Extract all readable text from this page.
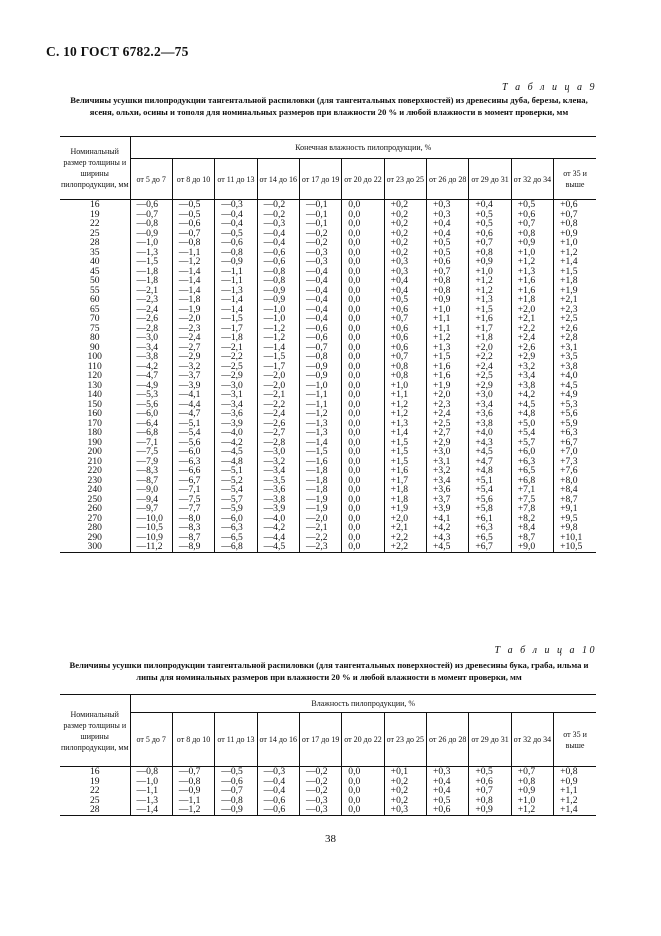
С. 10 ГОСТ 6782.2—75
Т а б л и ц а 9
Величины усушки пилопродукции тангентальной распиловки (для тангентальных поверхностей) из древесины дуба, березы, клена, ясеня, ольхи, осины и тополя для номинальных размеров при влажности 20 % и любой влажности в момент проверки, мм
Номинальный размер толщины и ширины пилопродукции, мм	Конечная влажность пилопродукции, %										
	от 5 до 7	от 8 до 10	от 11 до 13	от 14 до 16	от 17 до 19	от 20 до 22	от 23 до 25	от 26 до 28	от 29 до 31	от 32 до 34	от 35 и выше
16	—0,6	—0,5	—0,3	—0,2	—0,1	0,0	+0,2	+0,3	+0,4	+0,5	+0,6
19	—0,7	—0,5	—0,4	—0,2	—0,1	0,0	+0,2	+0,3	+0,5	+0,6	+0,7
22	—0,8	—0,6	—0,4	—0,3	—0,1	0,0	+0,2	+0,4	+0,5	+0,7	+0,8
25	—0,9	—0,7	—0,5	—0,4	—0,2	0,0	+0,2	+0,4	+0,6	+0,8	+0,9
28	—1,0	—0,8	—0,6	—0,4	—0,2	0,0	+0,2	+0,5	+0,7	+0,9	+1,0
35	—1,3	—1,1	—0,8	—0,6	—0,3	0,0	+0,2	+0,5	+0,8	+1,0	+1,2
40	—1,5	—1,2	—0,9	—0,6	—0,3	0,0	+0,3	+0,6	+0,9	+1,2	+1,4
45	—1,8	—1,4	—1,1	—0,8	—0,4	0,0	+0,3	+0,7	+1,0	+1,3	+1,5
50	—1,8	—1,4	—1,1	—0,8	—0,4	0,0	+0,4	+0,8	+1,2	+1,6	+1,8
55	—2,1	—1,4	—1,3	—0,9	—0,4	0,0	+0,4	+0,8	+1,2	+1,6	+1,9
60	—2,3	—1,8	—1,4	—0,9	—0,4	0,0	+0,5	+0,9	+1,3	+1,8	+2,1
65	—2,4	—1,9	—1,4	—1,0	—0,4	0,0	+0,6	+1,0	+1,5	+2,0	+2,3
70	—2,6	—2,0	—1,5	—1,0	—0,4	0,0	+0,7	+1,1	+1,6	+2,1	+2,5
75	—2,8	—2,3	—1,7	—1,2	—0,6	0,0	+0,6	+1,1	+1,7	+2,2	+2,6
80	—3,0	—2,4	—1,8	—1,2	—0,6	0,0	+0,6	+1,2	+1,8	+2,4	+2,8
90	—3,4	—2,7	—2,1	—1,4	—0,7	0,0	+0,6	+1,3	+2,0	+2,6	+3,1
100	—3,8	—2,9	—2,2	—1,5	—0,8	0,0	+0,7	+1,5	+2,2	+2,9	+3,5
110	—4,2	—3,2	—2,5	—1,7	—0,9	0,0	+0,8	+1,6	+2,4	+3,2	+3,8
120	—4,7	—3,7	—2,9	—2,0	—0,9	0,0	+0,8	+1,6	+2,5	+3,4	+4,0
130	—4,9	—3,9	—3,0	—2,0	—1,0	0,0	+1,0	+1,9	+2,9	+3,8	+4,5
140	—5,3	—4,1	—3,1	—2,1	—1,1	0,0	+1,1	+2,0	+3,0	+4,2	+4,9
150	—5,6	—4,4	—3,4	—2,2	—1,1	0,0	+1,2	+2,3	+3,4	+4,5	+5,3
160	—6,0	—4,7	—3,6	—2,4	—1,2	0,0	+1,2	+2,4	+3,6	+4,8	+5,6
170	—6,4	—5,1	—3,9	—2,6	—1,3	0,0	+1,3	+2,5	+3,8	+5,0	+5,9
180	—6,8	—5,4	—4,0	—2,7	—1,3	0,0	+1,4	+2,7	+4,0	+5,4	+6,3
190	—7,1	—5,6	—4,2	—2,8	—1,4	0,0	+1,5	+2,9	+4,3	+5,7	+6,7
200	—7,5	—6,0	—4,5	—3,0	—1,5	0,0	+1,5	+3,0	+4,5	+6,0	+7,0
210	—7,9	—6,3	—4,8	—3,2	—1,6	0,0	+1,5	+3,1	+4,7	+6,3	+7,3
220	—8,3	—6,6	—5,1	—3,4	—1,8	0,0	+1,6	+3,2	+4,8	+6,5	+7,6
230	—8,7	—6,7	—5,2	—3,5	—1,8	0,0	+1,7	+3,4	+5,1	+6,8	+8,0
240	—9,0	—7,1	—5,4	—3,6	—1,8	0,0	+1,8	+3,6	+5,4	+7,1	+8,4
250	—9,4	—7,5	—5,7	—3,8	—1,9	0,0	+1,8	+3,7	+5,6	+7,5	+8,7
260	—9,7	—7,7	—5,9	—3,9	—1,9	0,0	+1,9	+3,9	+5,8	+7,8	+9,1
270	—10,0	—8,0	—6,0	—4,0	—2,0	0,0	+2,0	+4,1	+6,1	+8,2	+9,5
280	—10,5	—8,3	—6,3	—4,2	—2,1	0,0	+2,1	+4,2	+6,3	+8,4	+9,8
290	—10,9	—8,7	—6,5	—4,4	—2,2	0,0	+2,2	+4,3	+6,5	+8,7	+10,1
300	—11,2	—8,9	—6,8	—4,5	—2,3	0,0	+2,2	+4,5	+6,7	+9,0	+10,5
Т а б л и ц а 10
Величины усушки пилопродукции тангентальной распиловки (для тангентальных поверхностей) из древесины бука, граба, ильма и липы для номинальных размеров при влажности 20 % и любой влажности в момент проверки, мм
Номинальный размер толщины и ширины пилопродукции, мм	Влажность пилопродукции, %										
	от 5 до 7	от 8 до 10	от 11 до 13	от 14 до 16	от 17 до 19	от 20 до 22	от 23 до 25	от 26 до 28	от 29 до 31	от 32 до 34	от 35 и выше
16	—0,8	—0,7	—0,5	—0,3	—0,2	0,0	+0,1	+0,3	+0,5	+0,7	+0,8
19	—1,0	—0,8	—0,6	—0,4	—0,2	0,0	+0,2	+0,4	+0,6	+0,8	+0,9
22	—1,1	—0,9	—0,7	—0,4	—0,2	0,0	+0,2	+0,4	+0,7	+0,9	+1,1
25	—1,3	—1,1	—0,8	—0,6	—0,3	0,0	+0,2	+0,5	+0,8	+1,0	+1,2
28	—1,4	—1,2	—0,9	—0,6	—0,3	0,0	+0,3	+0,6	+0,9	+1,2	+1,4
38
